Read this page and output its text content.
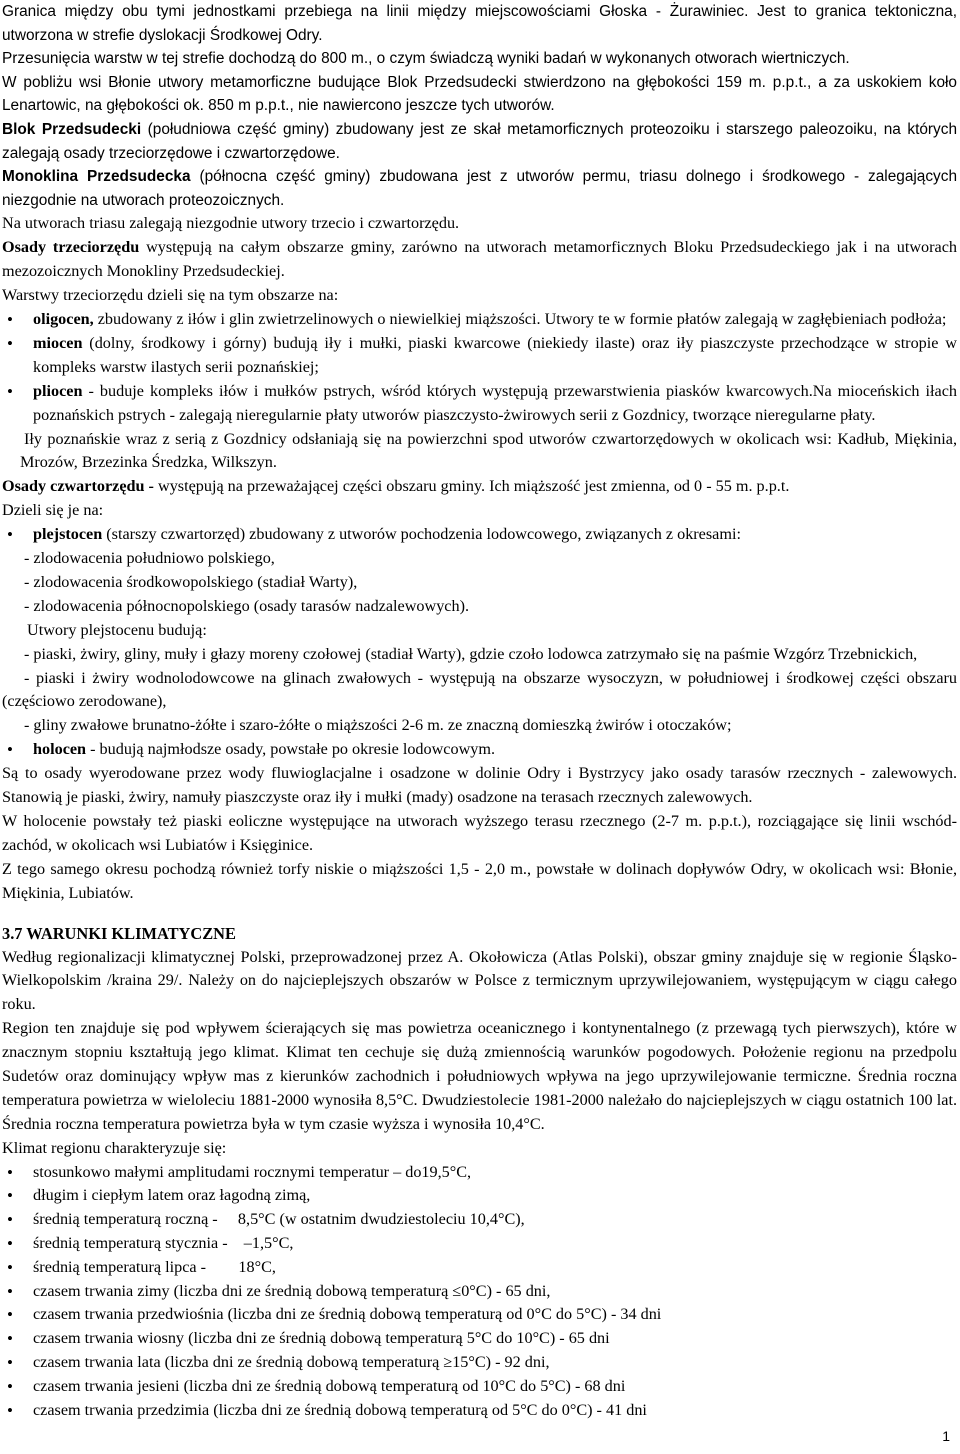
Granica między obu tymi jednostkami przebiega na linii między miejscowościami Głoska - Żurawiniec. Jest to granica tektoniczna, utworzona w strefie dyslokacji Środkowej Odry.

Przesunięcia warstw w tej strefie dochodzą do 800 m., o czym świadczą wyniki badań w wykonanych otworach wiertniczych.

W pobliżu wsi Błonie utwory metamorficzne budujące Blok Przedsudecki stwierdzono na głębokości 159 m. p.p.t., a za uskokiem koło Lenartowic, na głębokości ok. 850 m p.p.t., nie nawiercono jeszcze tych utworów.

Blok Przedsudecki (południowa część gminy) zbudowany jest ze skał metamorficznych proteozoiku i starszego paleozoiku, na których zalegają osady trzeciorzędowe i czwartorzędowe.

Monoklina Przedsudecka (północna część gminy) zbudowana jest z utworów permu, triasu dolnego i środkowego - zalegających niezgodnie na utworach proteozoicznych.

Na utworach triasu zalegają niezgodnie utwory trzecio i czwartorzędu.

Osady trzeciorzędu występują na całym obszarze gminy, zarówno na utworach metamorficznych Bloku Przedsudeckiego jak i na utworach mezozoicznych Monokliny Przedsudeckiej.

Warstwy trzeciorzędu dzieli się na tym obszarze na:

• oligocen, zbudowany z iłów i glin zwietrzelinowych o niewielkiej miąższości. Utwory te w formie płatów zalegają w zagłębieniach podłoża;
• miocen (dolny, środkowy i górny) budują iły i mułki, piaski kwarcowe (niekiedy ilaste) oraz iły piaszczyste przechodzące w stropie w kompleks warstw ilastych serii poznańskiej;
• pliocen - buduje kompleks iłów i mułków pstrych, wśród których występują przewarstwienia piasków kwarcowych.Na mioceńskich iłach poznańskich pstrych - zalegają nieregularnie płaty utworów piaszczysto-żwirowych serii z Gozdnicy, tworzące nieregularne płaty.

Iły poznańskie wraz z serią z Gozdnicy odsłaniają się na powierzchni spod utworów czwartorzędowych w okolicach wsi: Kadłub, Miękinia, Mrozów, Brzezinka Średzka, Wilkszyn.

Osady czwartorzędu - występują na przeważającej części obszaru gminy. Ich miąższość jest zmienna, od 0 - 55 m. p.p.t.

Dzieli się je na:

• plejstocen (starszy czwartorzęd) zbudowany z utworów pochodzenia lodowcowego, związanych z okresami:
- zlodowacenia południowo polskiego,
- zlodowacenia środkowopolskiego (stadiał Warty),
- zlodowacenia północnopolskiego (osady tarasów nadzalewowych).
Utwory plejstocenu budują:

- piaski, żwiry, gliny, muły i głazy moreny czołowej (stadiał Warty), gdzie czoło lodowca zatrzymało się na paśmie Wzgórz Trzebnickich,

- piaski i żwiry wodnolodowcowe na glinach zwałowych - występują na obszarze wysoczyzn, w południowej i środkowej części obszaru (częściowo zerodowane),

- gliny zwałowe brunatno-żółte i szaro-żółte o miąższości 2-6 m. ze znaczną domieszką żwirów i otoczaków;

• holocen - budują najmłodsze osady, powstałe po okresie lodowcowym.

Są to osady wyerodowane przez wody fluwioglacjalne i osadzone w dolinie Odry i Bystrzycy jako osady tarasów rzecznych - zalewowych. Stanowią je piaski, żwiry, namuły piaszczyste oraz iły i mułki (mady) osadzone na terasach rzecznych zalewowych.

W holocenie powstały też piaski eoliczne występujące na utworach wyższego terasu rzecznego (2-7 m. p.p.t.), rozciągające się linii wschód-zachód, w okolicach wsi Lubiatów i Księginice.

Z tego samego okresu pochodzą również torfy niskie o miąższości 1,5 - 2,0 m., powstałe w dolinach dopływów Odry, w okolicach wsi: Błonie, Miękinia, Lubiatów.

3.7 WARUNKI KLIMATYCZNE

Według regionalizacji klimatycznej Polski, przeprowadzonej przez A. Okołowicza (Atlas Polski), obszar gminy znajduje się w regionie Śląsko-Wielkopolskim /kraina 29/. Należy on do najcieplejszych obszarów w Polsce z termicznym uprzywilejowaniem, występującym w ciągu całego roku.

Region ten znajduje się pod wpływem ścierających się mas powietrza oceanicznego i kontynentalnego (z przewagą tych pierwszych), które w znacznym stopniu kształtują jego klimat. Klimat ten cechuje się dużą zmiennością warunków pogodowych. Położenie regionu na przedpolu Sudetów oraz dominujący wpływ mas z kierunków zachodnich i południowych wpływa na jego uprzywilejowanie termiczne. Średnia roczna temperatura powietrza w wieloleciu 1881-2000 wynosiła 8,5°C. Dwudziestolecie 1981-2000 należało do najcieplejszych w ciągu ostatnich 100 lat. Średnia roczna temperatura powietrza była w tym czasie wyższa i wynosiła 10,4°C.

Klimat regionu charakteryzuje się:

• stosunkowo małymi amplitudami rocznymi temperatur – do19,5°C,
• długim i ciepłym latem oraz łagodną zimą,
• średnią temperaturą roczną -     8,5°C (w ostatnim dwudziestoleciu 10,4°C),
• średnią temperaturą stycznia -    –1,5°C,
• średnią temperaturą lipca -        18°C,
• czasem trwania zimy (liczba dni ze średnią dobową temperaturą ≤0°C) - 65 dni,
• czasem trwania przedwiośnia (liczba dni ze średnią dobową temperaturą od 0°C do 5°C) - 34 dni
• czasem trwania wiosny (liczba dni ze średnią dobową temperaturą 5°C do 10°C) - 65 dni
• czasem trwania lata (liczba dni ze średnią dobową temperaturą ≥15°C) - 92 dni,
• czasem trwania jesieni (liczba dni ze średnią dobową temperaturą od 10°C do 5°C) - 68 dni
• czasem trwania przedzimia (liczba dni ze średnią dobową temperaturą od 5°C do 0°C) - 41 dni
1
